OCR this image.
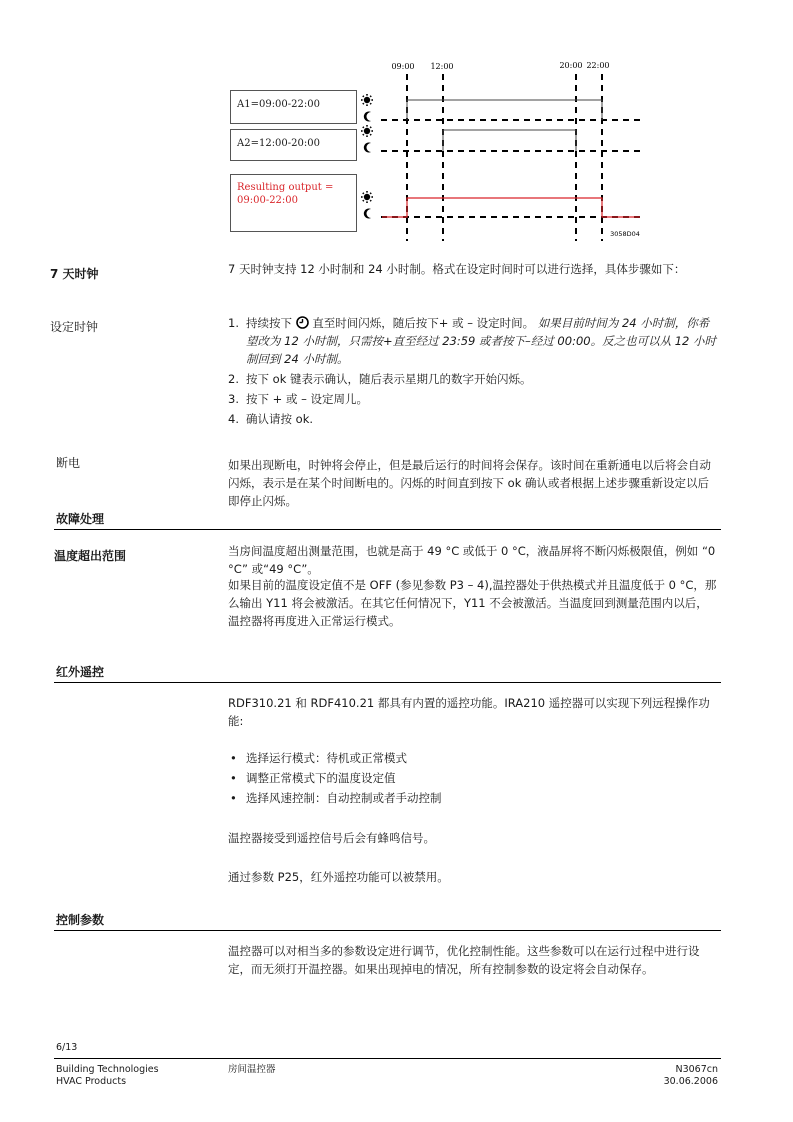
09:00 12:00	20:00 22:00
3058D04
A1=09:00-22:00
A2=12:00-20:00
Resulting output = 09:00-22:00
7 天时钟	7 天时钟支持 12 小时制和 24 小时制。格式在设定时间时可以进行选择，具体步骤如下：
设定时钟	1. 持续按下 直至时间闪烁，随后按下+ 或 – 设定时间。 如果目前时间为 24 小时制，你希望改为 12 小时制，只需按+直至经过 23:59 或者按下–经过 00:00。反之也可以从 12 小时制回到 24 小时制。
2. 按下 ok 键表示确认，随后表示星期几的数字开始闪烁。
3. 按下 + 或 – 设定周儿。
4. 确认请按 ok.
断电	如果出现断电，时钟将会停止，但是最后运行的时间将会保存。该时间在重新通电以后将会自动闪烁，表示是在某个时间断电的。闪烁的时间直到按下 ok 确认或者根据上述步骤重新设定以后即停止闪烁。
故障处理
温度超出范围	当房间温度超出测量范围，也就是高于 49 °C 或低于 0 °C，液晶屏将不断闪烁极限值，例如 “0 °C” 或“49 °C”。
如果目前的温度设定值不是 OFF (参见参数 P3 – 4),温控器处于供热模式并且温度低于 0 °C，那么输出 Y11 将会被激活。在其它任何情况下，Y11 不会被激活。当温度回到测量范围内以后，温控器将再度进入正常运行模式。
红外遥控
RDF310.21 和 RDF410.21 都具有内置的遥控功能。IRA210 遥控器可以实现下列远程操作功能:
• 选择运行模式：待机或正常模式
• 调整正常模式下的温度设定值
• 选择风速控制：自动控制或者手动控制
温控器接受到遥控信号后会有蜂鸣信号。
通过参数 P25，红外遥控功能可以被禁用。
控制参数
温控器可以对相当多的参数设定进行调节，优化控制性能。这些参数可以在运行过程中进行设定，而无须打开温控器。如果出现掉电的情况，所有控制参数的设定将会自动保存。
6/13
Building Technologies
HVAC Products
房间温控器	N3067cn
30.06.2006
